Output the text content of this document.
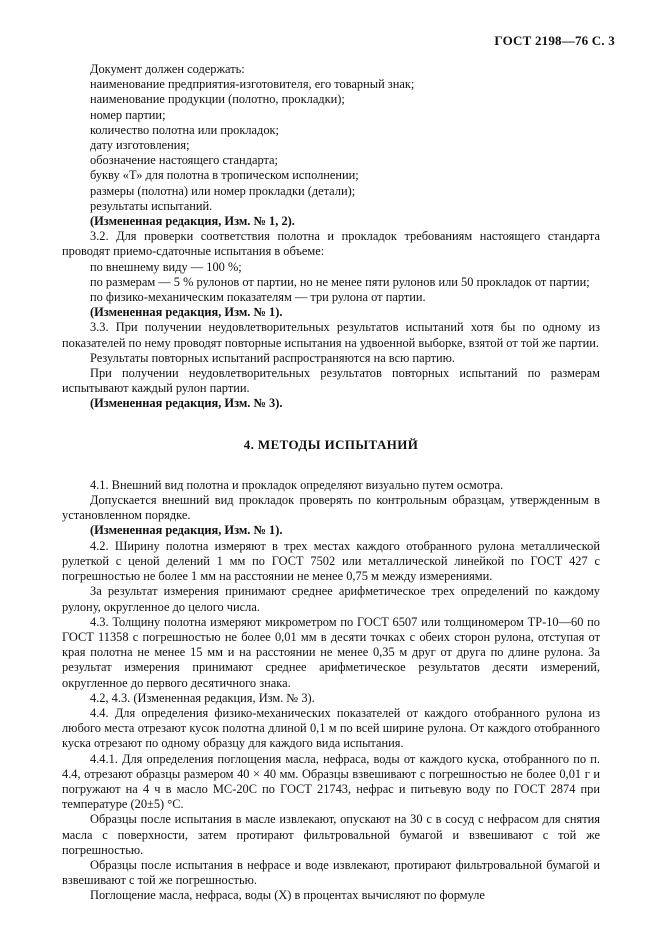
ГОСТ 2198—76 С. 3

Документ должен содержать:

наименование предприятия-изготовителя, его товарный знак;

наименование продукции (полотно, прокладки);

номер партии;

количество полотна или прокладок;

дату изготовления;

обозначение настоящего стандарта;

букву «Т» для полотна в тропическом исполнении;

размеры (полотна) или номер прокладки (детали);

результаты испытаний.

(Измененная редакция, Изм. № 1, 2).

3.2. Для проверки соответствия полотна и прокладок требованиям настоящего стандарта проводят приемо-сдаточные испытания в объеме:

по внешнему виду — 100 %;

по размерам — 5 % рулонов от партии, но не менее пяти рулонов или 50 прокладок от партии;

по физико-механическим показателям — три рулона от партии.

(Измененная редакция, Изм. № 1).

3.3. При получении неудовлетворительных результатов испытаний хотя бы по одному из показателей по нему проводят повторные испытания на удвоенной выборке, взятой от той же партии.

Результаты повторных испытаний распространяются на всю партию.

При получении неудовлетворительных результатов повторных испытаний по размерам испытывают каждый рулон партии.

(Измененная редакция, Изм. № 3).

4. МЕТОДЫ ИСПЫТАНИЙ

4.1. Внешний вид полотна и прокладок определяют визуально путем осмотра.

Допускается внешний вид прокладок проверять по контрольным образцам, утвержденным в установленном порядке.

(Измененная редакция, Изм. № 1).

4.2. Ширину полотна измеряют в трех местах каждого отобранного рулона металлической рулеткой с ценой делений 1 мм по ГОСТ 7502 или металлической линейкой по ГОСТ 427 с погрешностью не более 1 мм на расстоянии не менее 0,75 м между измерениями.

За результат измерения принимают среднее арифметическое трех определений по каждому рулону, округленное до целого числа.

4.3. Толщину полотна измеряют микрометром по ГОСТ 6507 или толщиномером ТР-10—60 по ГОСТ 11358 с погрешностью не более 0,01 мм в десяти точках с обеих сторон рулона, отступая от края полотна не менее 15 мм и на расстоянии не менее 0,35 м друг от друга по длине рулона. За результат измерения принимают среднее арифметическое результатов десяти измерений, округленное до первого десятичного знака.

4.2, 4.3. (Измененная редакция, Изм. № 3).

4.4. Для определения физико-механических показателей от каждого отобранного рулона из любого места отрезают кусок полотна длиной 0,1 м по всей ширине рулона. От каждого отобранного куска отрезают по одному образцу для каждого вида испытания.

4.4.1. Для определения поглощения масла, нефраса, воды от каждого куска, отобранного по п. 4.4, отрезают образцы размером 40 × 40 мм. Образцы взвешивают с погрешностью не более 0,01 г и погружают на 4 ч в масло МС-20С по ГОСТ 21743, нефрас и питьевую воду по ГОСТ 2874 при температуре (20±5) °С.

Образцы после испытания в масле извлекают, опускают на 30 с в сосуд с нефрасом для снятия масла с поверхности, затем протирают фильтровальной бумагой и взвешивают с той же погрешностью.

Образцы после испытания в нефрасе и воде извлекают, протирают фильтровальной бумагой и взвешивают с той же погрешностью.

Поглощение масла, нефраса, воды (X) в процентах вычисляют по формуле
